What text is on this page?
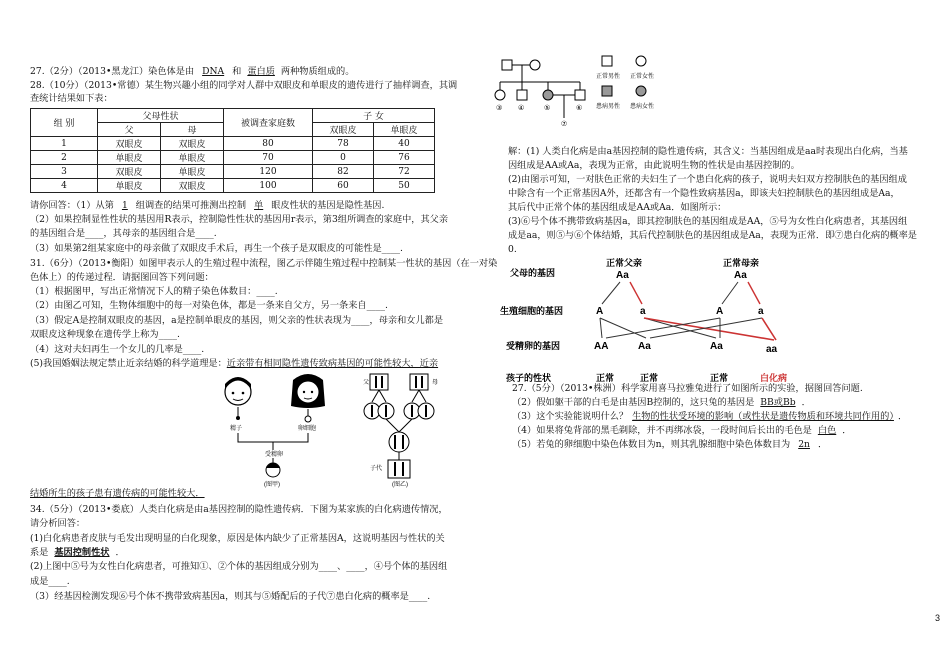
27.（2分）（2013•黑龙江）染色体是由 DNA 和 蛋白质 两种物质组成的。
28.（10分）（2013•常德）某生物兴趣小组的同学对人群中双眼皮和单眼皮的遗传进行了抽样调查，其调
查统计结果如下表：
组 别	父母性状		被调查家庭数	子 女	
	父	母		双眼皮	单眼皮
1	双眼皮	双眼皮	80	78	40
2	单眼皮	单眼皮	70	0	76
3	双眼皮	单眼皮	120	82	72
4	单眼皮	双眼皮	100	60	50
请你回答：（1）从第 1 组调查的结果可推测出控制 单 眼皮性状的基因是隐性基因.
（2）如果控制显性性状的基因用R表示，控制隐性性状的基因用r表示，第3组所调查的家庭中，其父亲
的基因组合是____，其母亲的基因组合是____.
（3）如果第2组某家庭中的母亲做了双眼皮手术后，再生一个孩子是双眼皮的可能性是____.
31.（6分）（2013•衡阳）如图甲表示人的生殖过程中流程，图乙示伴随生殖过程中控制某一性状的基因（在一对染
色体上）的传递过程．请据图回答下列问题：
（1）根据图甲，写出正常情况下人的精子染色体数目：____.
（2）由图乙可知，生物体细胞中的每一对染色体，都是一条来自父方，另一条来自____.
（3）假定A是控制双眼皮的基因，a是控制单眼皮的基因，则父亲的性状表现为____，母亲和女儿都是
双眼皮这种现象在遗传学上称为____.
（4）这对夫妇再生一个女儿的几率是____.
(5)我国婚姻法规定禁止近亲结婚的科学道理是：近亲带有相同隐性遗传致病基因的可能性较大，近亲
精子	卵细胞
受精卵
(图甲)
父	母
子代
(图乙)
结婚所生的孩子患有遗传病的可能性较大．
34.（5分）（2013•娄底）人类白化病是由a基因控制的隐性遗传病．下图为某家族的白化病遗传情况，
请分析回答：
(1)白化病患者皮肤与毛发出现明显的白化现象，原因是体内缺少了正常基因A，这说明基因与性状的关
系是 基因控制性状 ．
(2)上图中⑤号为女性白化病患者，可推知①、②个体的基因组成分别为____、____，④号个体的基因组
成是____.
（3）经基因检测发现⑥号个体不携带致病基因a，则其与⑤婚配后的子代⑦患白化病的概率是____.
⑦
③ ④	⑤	⑥
正常男性 正常女性
患病男性 患病女性
解：(1) 人类白化病是由a基因控制的隐性遗传病，其含义：当基因组成是aa时表现出白化病，当基
因组成是AA或Aa，表现为正常，由此说明生物的性状是由基因控制的。
(2)由图示可知，一对肤色正常的夫妇生了一个患白化病的孩子，说明夫妇双方控制肤色的基因组成
中除含有一个正常基因A外，还都含有一个隐性致病基因a，即该夫妇控制肤色的基因组成是Aa，
其后代中正常个体的基因组成是AA或Aa．如图所示：
(3)⑥号个体不携带致病基因a，即其控制肤色的基因组成是AA，⑤号为女性白化病患者，其基因组
成是aa，则⑤与⑥个体结婚，其后代控制肤色的基因组成是Aa，表现为正常．即⑦患白化病的概率是
0.
父母的基因
生殖细胞的基因
受精卵的基因
孩子的性状
正常父亲
Aa
正常母亲
Aa
A	a	A	a
AA	Aa	Aa	aa
正常	正常	正常	白化病
27.（5分）（2013•株洲）科学家用喜马拉雅兔进行了如图所示的实验，据图回答问题.
（2）假如躯干部的白毛是由基因B控制的，这只兔的基因是 BB或Bb ．
（3）这个实验能说明什么？ 生物的性状受环境的影响（或性状是遗传物质和环境共同作用的） ．
（4）如果将兔背部的黑毛剃除，并不再绑冰袋，一段时间后长出的毛色是 白色 ．
（5）若兔的卵细胞中染色体数目为n，则其乳腺细胞中染色体数目为 2n ．
3
